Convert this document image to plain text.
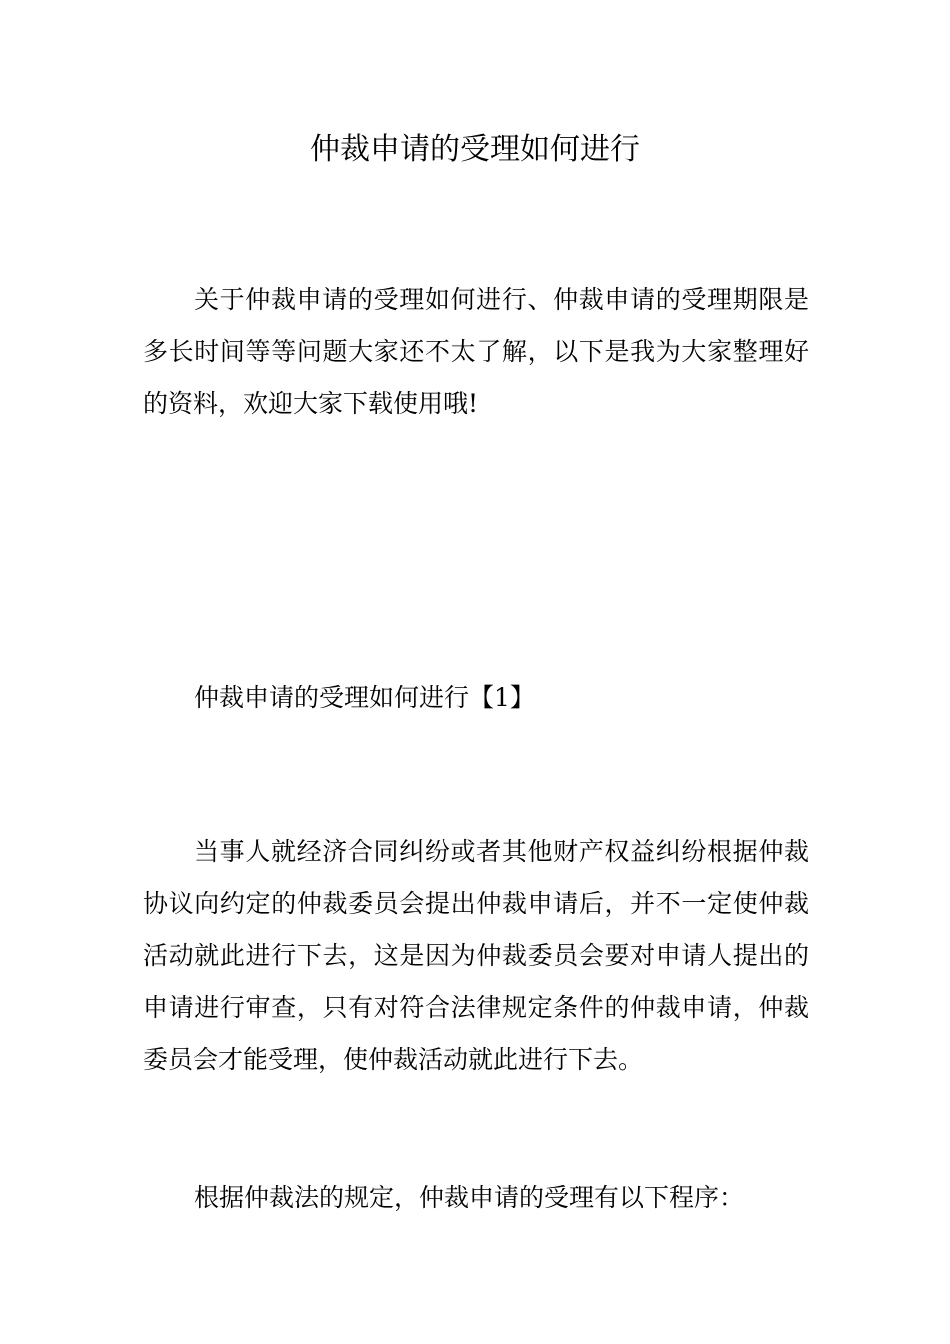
仲裁申请的受理如何进行

关于仲裁申请的受理如何进行、仲裁申请的受理期限是多长时间等等问题大家还不太了解，以下是我为大家整理好的资料，欢迎大家下载使用哦!

仲裁申请的受理如何进行【1】

当事人就经济合同纠纷或者其他财产权益纠纷根据仲裁协议向约定的仲裁委员会提出仲裁申请后，并不一定使仲裁活动就此进行下去，这是因为仲裁委员会要对申请人提出的申请进行审查，只有对符合法律规定条件的仲裁申请，仲裁委员会才能受理，使仲裁活动就此进行下去。

根据仲裁法的规定，仲裁申请的受理有以下程序：
